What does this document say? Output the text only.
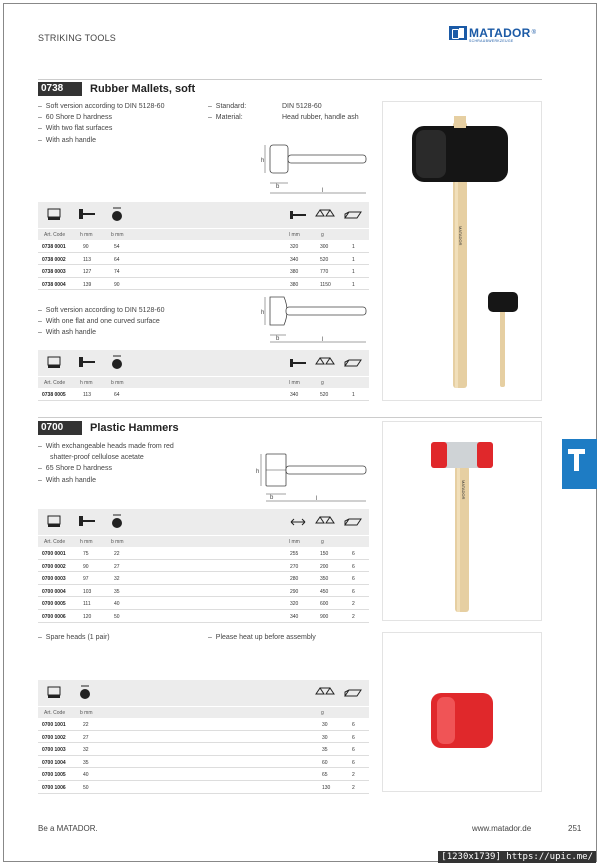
STRIKING TOOLS	MATADOR ®
SCHRAUBWERKZEUGE
0738	Rubber Mallets, soft
–  Soft version according to DIN 5128-60
–  60 Shore D hardness
–  With two flat surfaces
–  With ash handle
–  Standard:	DIN 5128-60
–  Material:	Head rubber, handle ash
h
b
l
Art. Code	h mm	b mm	l mm	g
0738 0001	90	54	320	300	1
0738 0002	113	64	340	520	1
0738 0003	127	74	380	770	1
0738 0004	139	90	380	1150	1
–  Soft version according to DIN 5128-60
–  With one flat and one curved surface
–  With ash handle
h
b	l
Art. Code	h mm	b mm	l mm	g
0738 0005	113	64	340	520	1
MATADOR
0700	Plastic Hammers
–  With exchangeable heads made from red
shatter-proof cellulose acetate
–  65 Shore D hardness
–  With ash handle
h
b	l
Art. Code	h mm	b mm	l mm	g
0700 0001	75	22	255	150	6
0700 0002	90	27	270	200	6
0700 0003	97	32	280	350	6
0700 0004	103	35	290	450	6
0700 0005	111	40	320	600	2
0700 0006	120	50	340	900	2
MATADOR
–  Spare heads (1 pair)	–  Please heat up before assembly
Art. Code	b mm	g
0700 1001	22	30	6
0700 1002	27	30	6
0700 1003	32	35	6
0700 1004	35	60	6
0700 1005	40	65	2
0700 1006	50	130	2
Be a MATADOR.	www.matador.de	251
[1230x1739] https://upic.me/
